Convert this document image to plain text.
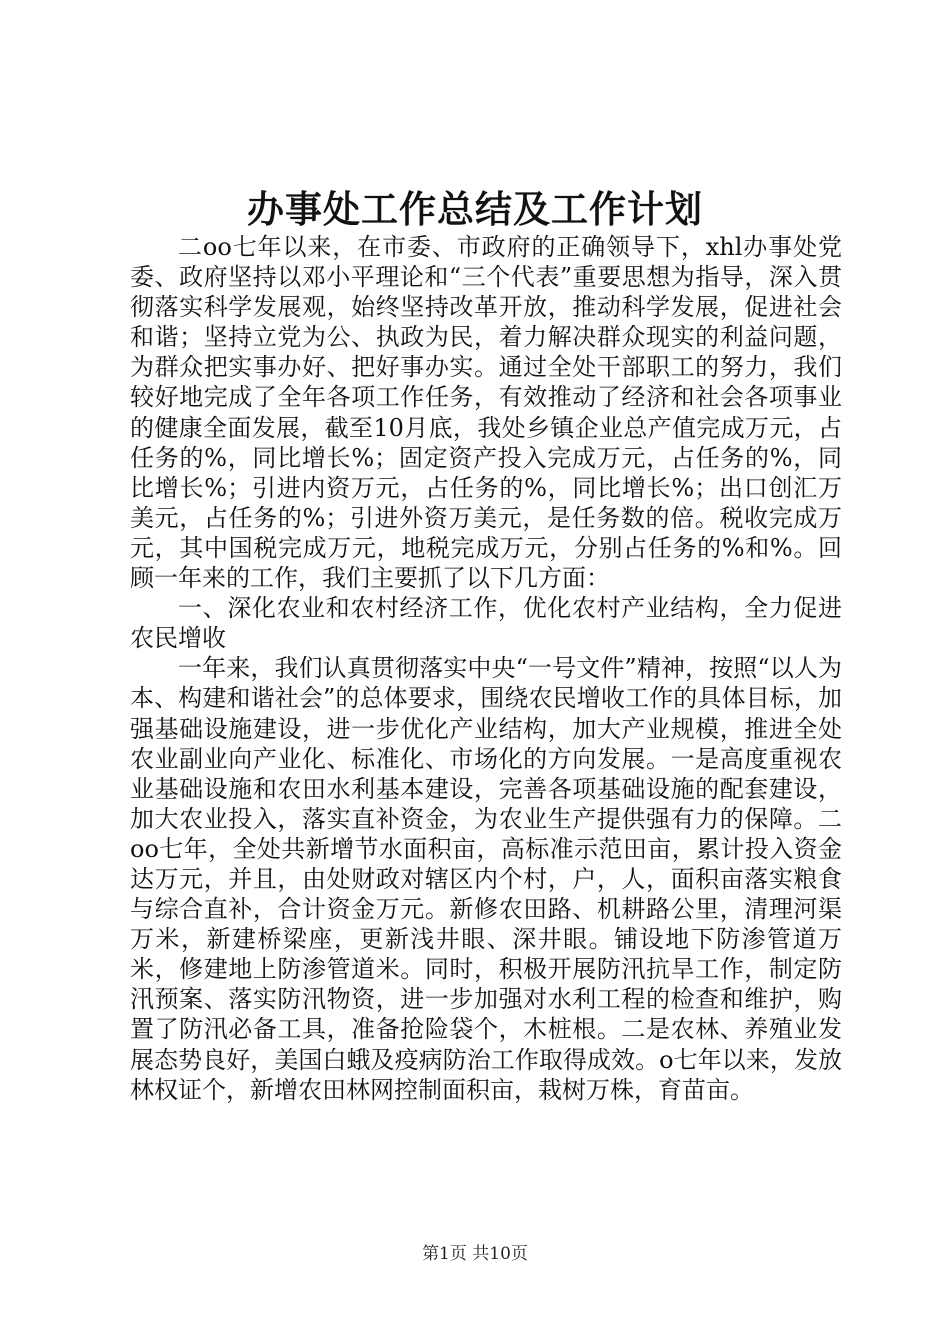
办事处工作总结及工作计划

二oo七年以来，在市委、市政府的正确领导下，xhl办事处党委、政府坚持以邓小平理论和“三个代表”重要思想为指导，深入贯彻落实科学发展观，始终坚持改革开放，推动科学发展，促进社会和谐；坚持立党为公、执政为民，着力解决群众现实的利益问题，为群众把实事办好、把好事办实。通过全处干部职工的努力，我们较好地完成了全年各项工作任务，有效推动了经济和社会各项事业的健康全面发展，截至10月底，我处乡镇企业总产值完成万元，占任务的%，同比增长%；固定资产投入完成万元，占任务的%，同比增长%；引进内资万元，占任务的%，同比增长%；出口创汇万美元，占任务的%；引进外资万美元，是任务数的倍。税收完成万元，其中国税完成万元，地税完成万元，分别占任务的%和%。回顾一年来的工作，我们主要抓了以下几方面：

一、深化农业和农村经济工作，优化农村产业结构，全力促进农民增收

一年来，我们认真贯彻落实中央“一号文件”精神，按照“以人为本、构建和谐社会”的总体要求，围绕农民增收工作的具体目标，加强基础设施建设，进一步优化产业结构，加大产业规模，推进全处农业副业向产业化、标准化、市场化的方向发展。一是高度重视农业基础设施和农田水利基本建设，完善各项基础设施的配套建设，加大农业投入，落实直补资金，为农业生产提供强有力的保障。二oo七年，全处共新增节水面积亩，高标准示范田亩，累计投入资金达万元，并且，由处财政对辖区内个村，户，人，面积亩落实粮食与综合直补，合计资金万元。新修农田路、机耕路公里，清理河渠万米，新建桥梁座，更新浅井眼、深井眼。铺设地下防渗管道万米，修建地上防渗管道米。同时，积极开展防汛抗旱工作，制定防汛预案、落实防汛物资，进一步加强对水利工程的检查和维护，购置了防汛必备工具，准备抢险袋个，木桩根。二是农林、养殖业发展态势良好，美国白蛾及疫病防治工作取得成效。o七年以来，发放林权证个，新增农田林网控制面积亩，栽树万株，育苗亩。

第1页 共10页
